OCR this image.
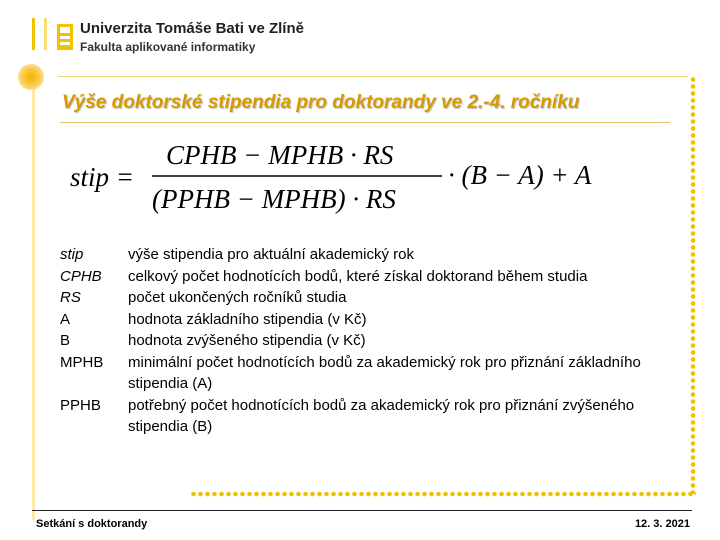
Univerzita Tomáše Bati ve Zlíně
Fakulta aplikované informatiky
Výše doktorské stipendia pro doktorandy ve 2.-4. ročníku
stip =
CPHB − MPHB · RS
(PPHB − MPHB) · RS
· (B − A) + A
stip	výše stipendia pro aktuální akademický rok
CPHB	celkový počet hodnotících bodů, které získal doktorand během studia
RS	počet ukončených ročníků studia
A	hodnota základního stipendia (v Kč)
B	hodnota zvýšeného stipendia (v Kč)
MPHB	minimální počet hodnotících bodů za akademický rok pro přiznání základního stipendia (A)
PPHB	potřebný počet hodnotících bodů za akademický rok pro přiznání zvýšeného stipendia (B)
Setkání s doktorandy	12. 3. 2021
